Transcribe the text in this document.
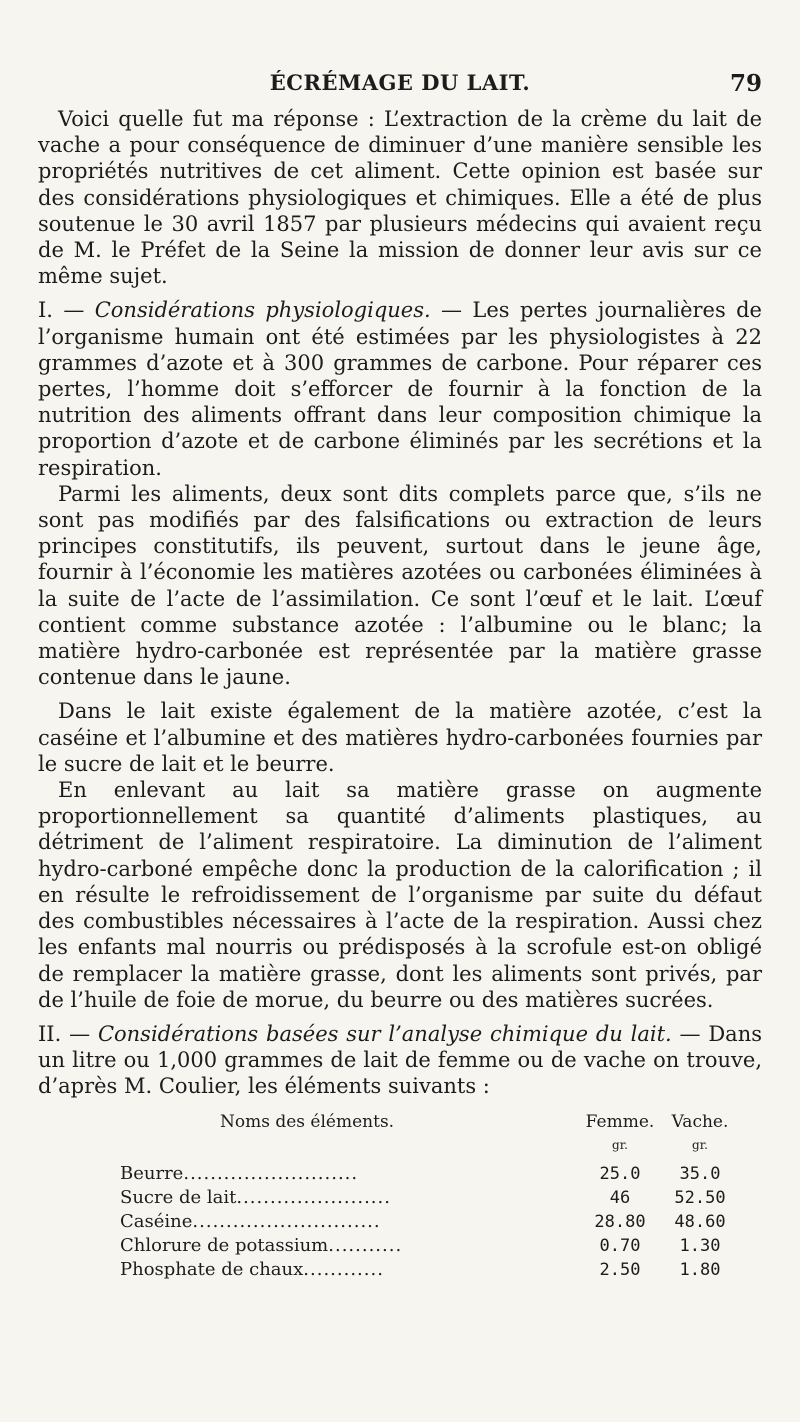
ÉCRÉMAGE DU LAIT.	79

Voici quelle fut ma réponse : L’extraction de la crème du lait de vache a pour conséquence de diminuer d’une manière sensible les propriétés nutritives de cet aliment. Cette opinion est basée sur des considérations physiologiques et chimiques. Elle a été de plus soutenue le 30 avril 1857 par plusieurs médecins qui avaient reçu de M. le Préfet de la Seine la mission de donner leur avis sur ce même sujet.

I. — Considérations physiologiques. — Les pertes journalières de l’organisme humain ont été estimées par les physiologistes à 22 grammes d’azote et à 300 grammes de carbone. Pour réparer ces pertes, l’homme doit s’efforcer de fournir à la fonction de la nutrition des aliments offrant dans leur composition chimique la proportion d’azote et de carbone éliminés par les secrétions et la respiration.

Parmi les aliments, deux sont dits complets parce que, s’ils ne sont pas modifiés par des falsifications ou extraction de leurs principes constitutifs, ils peuvent, surtout dans le jeune âge, fournir à l’économie les matières azotées ou carbonées éliminées à la suite de l’acte de l’assimilation. Ce sont l’œuf et le lait. L’œuf contient comme substance azotée : l’albumine ou le blanc; la matière hydro-carbonée est représentée par la matière grasse contenue dans le jaune.

Dans le lait existe également de la matière azotée, c’est la caséine et l’albumine et des matières hydro-carbonées fournies par le sucre de lait et le beurre.

En enlevant au lait sa matière grasse on augmente proportionnellement sa quantité d’aliments plastiques, au détriment de l’aliment respiratoire. La diminution de l’aliment hydro-carboné empêche donc la production de la calorification ; il en résulte le refroidissement de l’organisme par suite du défaut des combustibles nécessaires à l’acte de la respiration. Aussi chez les enfants mal nourris ou prédisposés à la scrofule est-on obligé de remplacer la matière grasse, dont les aliments sont privés, par de l’huile de foie de morue, du beurre ou des matières sucrées.

II. — Considérations basées sur l’analyse chimique du lait. — Dans un litre ou 1,000 grammes de lait de femme ou de vache on trouve, d’après M. Coulier, les éléments suivants :

Noms des éléments.	Femme.	Vache.
	gr.	gr.
Beurre..........................	25.0	35.0
Sucre de lait.......................	46	52.50
Caséine............................	28.80	48.60
Chlorure de potassium...........	0.70	1.30
Phosphate de chaux............	2.50	1.80
